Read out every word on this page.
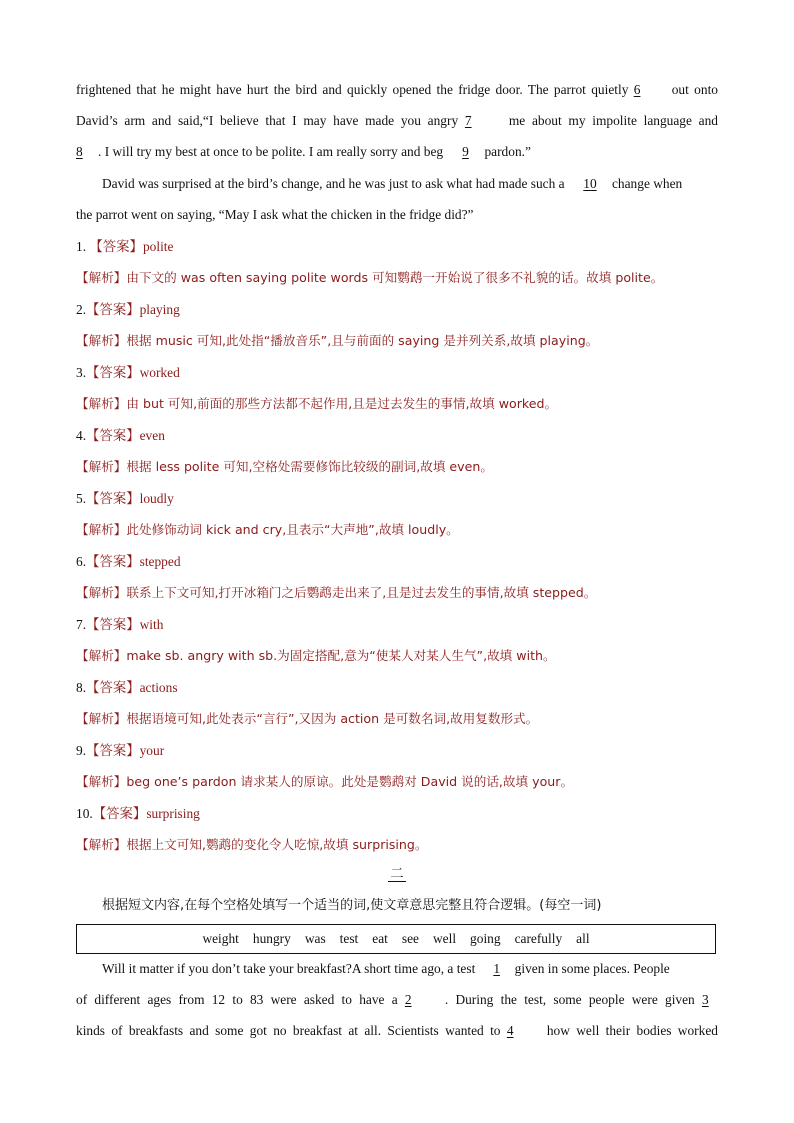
frightened that he might have hurt the bird and quickly opened the fridge door. The parrot quietly 6 out onto
David’s arm and said,“I believe that I may have made you angry 7	me about my impolite language and
8 . I will try my best at once to be polite. I am really sorry and beg 9 pardon.”
David was surprised at the bird’s change, and he was just to ask what had made such a 10 change when
the parrot went on saying, “May I ask what the chicken in the fridge did?”
1. 【答案】polite
【解析】由下文的 was often saying polite words 可知鹦鹉一开始说了很多不礼貌的话。故填 polite。
2.【答案】playing
【解析】根据 music 可知,此处指“播放音乐”,且与前面的 saying 是并列关系,故填 playing。
3.【答案】worked
【解析】由 but 可知,前面的那些方法都不起作用,且是过去发生的事情,故填 worked。
4.【答案】even
【解析】根据 less polite 可知,空格处需要修饰比较级的副词,故填 even。
5.【答案】loudly
【解析】此处修饰动词 kick and cry,且表示“大声地”,故填 loudly。
6.【答案】stepped
【解析】联系上下文可知,打开冰箱门之后鹦鹉走出来了,且是过去发生的事情,故填 stepped。
7.【答案】with
【解析】make sb. angry with sb.为固定搭配,意为“使某人对某人生气”,故填 with。
8.【答案】actions
【解析】根据语境可知,此处表示“言行”,又因为 action 是可数名词,故用复数形式。
9.【答案】your
【解析】beg one’s pardon 请求某人的原谅。此处是鹦鹉对 David 说的话,故填 your。
10.【答案】surprising
【解析】根据上文可知,鹦鹉的变化令人吃惊,故填 surprising。
二
根据短文内容,在每个空格处填写一个适当的词,使文章意思完整且符合逻辑。(每空一词)
weight hungry was test eat see well going carefully all
Will it matter if you don’t take your breakfast?A short time ago, a test 1 given in some places. People
of different ages from 12 to 83 were asked to have a 2 . During the test, some people were given 3
kinds of breakfasts and some got no breakfast at all. Scientists wanted to 4 how well their bodies worked
